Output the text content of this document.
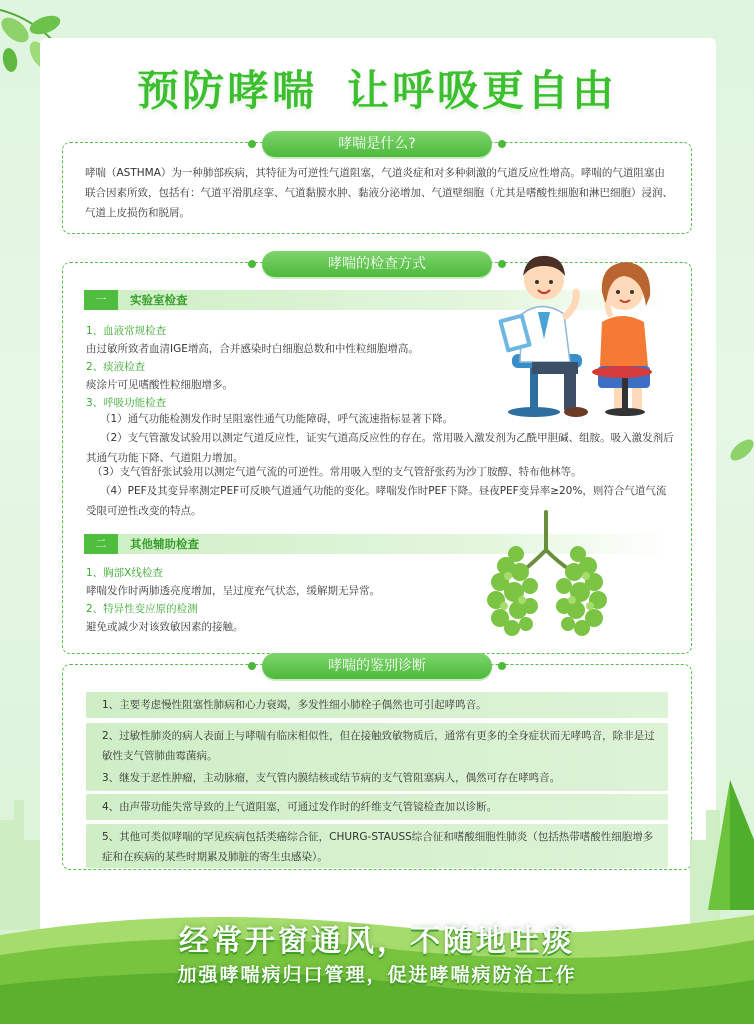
预防哮喘 让呼吸更自由
哮喘是什么?
哮喘（ASTHMA）为一种肺部疾病，其特征为可逆性气道阻塞，气道炎症和对多种刺激的气道反应性增高。哮喘的气道阻塞由联合因素所致，包括有：气道平滑肌痉挛、气道黏膜水肿、黏液分泌增加、气道壁细胞（尤其是嗜酸性细胞和淋巴细胞）浸润、气道上皮损伤和脱屑。
哮喘的检查方式
一	实验室检查
1、血液常规检查
由过敏所致者血清IGE增高，合并感染时白细胞总数和中性粒细胞增高。
2、痰液检查
痰涂片可见嗜酸性粒细胞增多。
3、呼吸功能检查
（1）通气功能检测发作时呈阻塞性通气功能障碍，呼气流速指标显著下降。
（2）支气管激发试验用以测定气道反应性，证实气道高反应性的存在。常用吸入激发剂为乙酰甲胆碱、组胺。吸入激发剂后其通气功能下降、气道阻力增加。
（3）支气管舒张试验用以测定气道气流的可逆性。常用吸入型的支气管舒张药为沙丁胺醇、特布他林等。
（4）PEF及其变异率测定PEF可反映气道通气功能的变化。哮喘发作时PEF下降。昼夜PEF变异率≥20%，则符合气道气流受限可逆性改变的特点。
二	其他辅助检查
1、胸部X线检查
哮喘发作时两肺透亮度增加，呈过度充气状态，缓解期无异常。
2、特异性变应原的检测
避免或减少对该致敏因素的接触。
哮喘的鉴别诊断
1、主要考虑慢性阻塞性肺病和心力衰竭，多发性细小肺栓子偶然也可引起哮鸣音。
2、过敏性肺炎的病人表面上与哮喘有临床相似性，但在接触致敏物质后，通常有更多的全身症状而无哮鸣音，除非是过敏性支气管肺曲霉菌病。
3、继发于恶性肿瘤，主动脉瘤，支气管内膜结核或结节病的支气管阻塞病人，偶然可存在哮鸣音。
4、由声带功能失常导致的上气道阻塞，可通过发作时的纤维支气管镜检查加以诊断。
5、其他可类似哮喘的罕见疾病包括类癌综合征，CHURG-STAUSS综合征和嗜酸细胞性肺炎（包括热带嗜酸性细胞增多症和在疾病的某些时期累及肺脏的寄生虫感染）。
经常开窗通风，不随地吐痰
加强哮喘病归口管理，促进哮喘病防治工作
